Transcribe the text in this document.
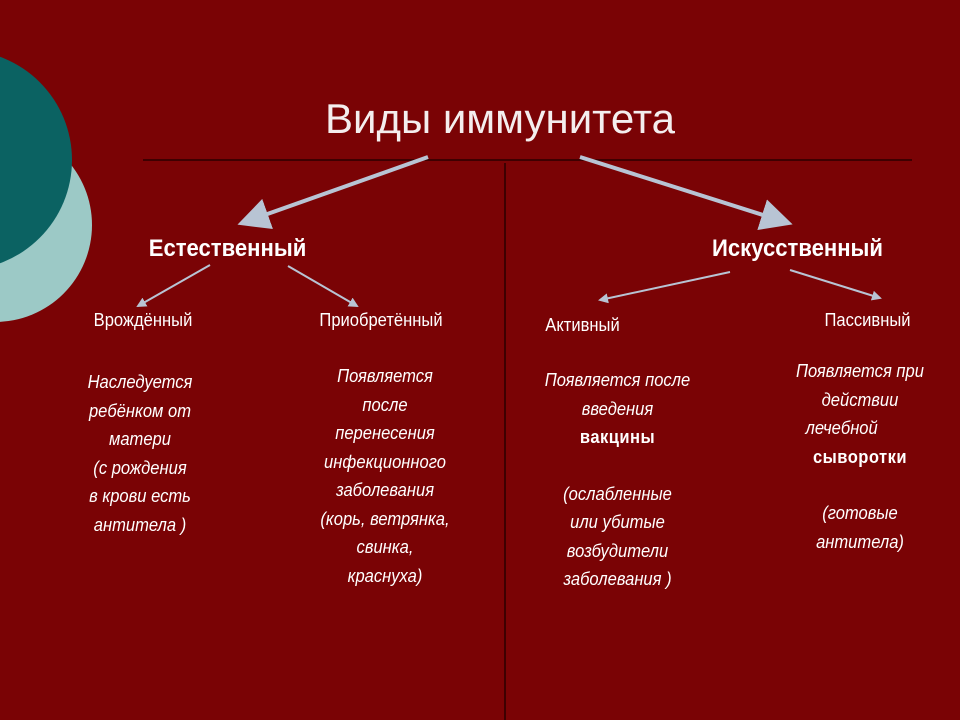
Виды иммунитета
Естественный	Искусственный
Врождённый	Приобретённый	Активный	Пассивный
Наследуется
ребёнком от
матери
(с рождения
в крови есть
антитела )
Появляется
после
перенесения
инфекционного
заболевания
(корь, ветрянка,
свинка,
краснуха)
Появляется после
введения
вакцины
(ослабленные
или убитые
возбудители
заболевания )
Появляется при
действии
лечебной
сыворотки
(готовые
антитела)
